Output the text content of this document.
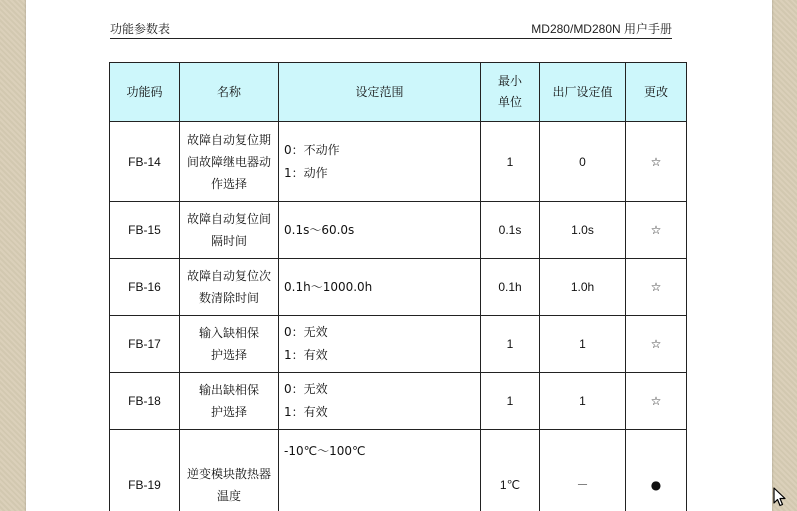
功能参数表	MD280/MD280N 用户手册
功能码	名称	设定范围	最小
单位	出厂设定值	更改
FB-14	故障自动复位期间故障继电器动作选择	0：不动作
1：动作	1	0	☆
FB-15	故障自动复位间隔时间	0.1s～60.0s	0.1s	1.0s	☆
FB-16	故障自动复位次数清除时间	0.1h～1000.0h	0.1h	1.0h	☆
FB-17	输入缺相保护选择	0：无效
1：有效	1	1	☆
FB-18	输出缺相保护选择	0：无效
1：有效	1	1	☆
FB-19	逆变模块散热器温度	-10℃～100℃	1℃	－	●
